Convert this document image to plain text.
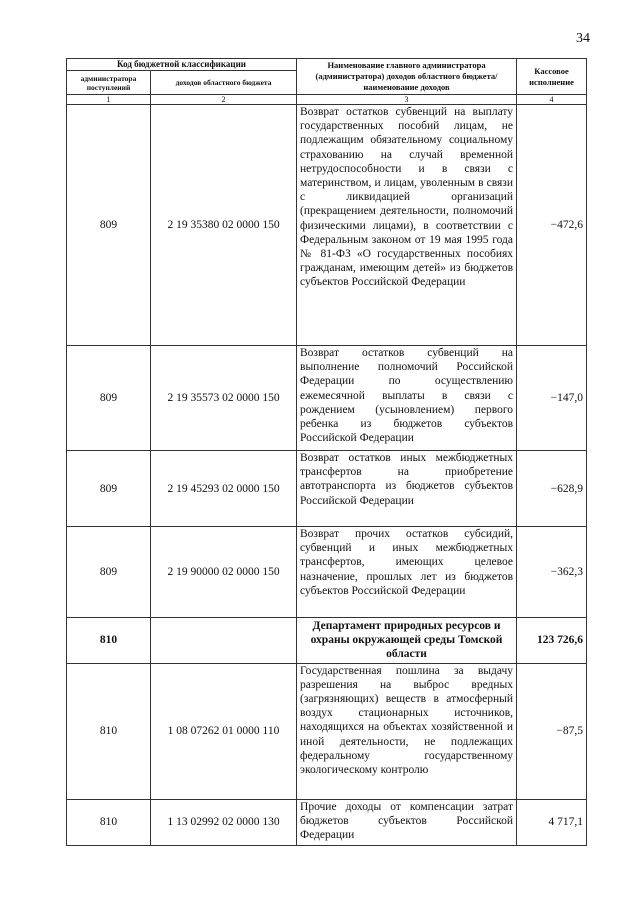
34
Код бюджетной классификации		Наименование главного администратора (администратора) доходов областного бюджета/ наименование доходов	Кассовое исполнение
администратора поступлений	доходов областного бюджета		
1	2	3	4
809	2 19 35380 02 0000 150	Возврат остатков субвенций на выплату государственных пособий лицам, не подлежащим обязательному социальному страхованию на случай временной нетрудоспособности и в связи с материнством, и лицам, уволенным в связи с ликвидацией организаций (прекращением деятельности, полномочий физическими лицами), в соответствии с Федеральным законом от 19 мая 1995 года № 81-ФЗ «О государственных пособиях гражданам, имеющим детей» из бюджетов субъектов Российской Федерации	−472,6
809	2 19 35573 02 0000 150	Возврат остатков субвенций на выполнение полномочий Российской Федерации по осуществлению ежемесячной выплаты в связи с рождением (усыновлением) первого ребенка из бюджетов субъектов Российской Федерации	−147,0
809	2 19 45293 02 0000 150	Возврат остатков иных межбюджетных трансфертов на приобретение автотранспорта из бюджетов субъектов Российской Федерации	−628,9
809	2 19 90000 02 0000 150	Возврат прочих остатков субсидий, субвенций и иных межбюджетных трансфертов, имеющих целевое назначение, прошлых лет из бюджетов субъектов Российской Федерации	−362,3
810		Департамент природных ресурсов и охраны окружающей среды Томской области	123 726,6
810	1 08 07262 01 0000 110	Государственная пошлина за выдачу разрешения на выброс вредных (загрязняющих) веществ в атмосферный воздух стационарных источников, находящихся на объектах хозяйственной и иной деятельности, не подлежащих федеральному государственному экологическому контролю	−87,5
810	1 13 02992 02 0000 130	Прочие доходы от компенсации затрат бюджетов субъектов Российской Федерации	4 717,1
